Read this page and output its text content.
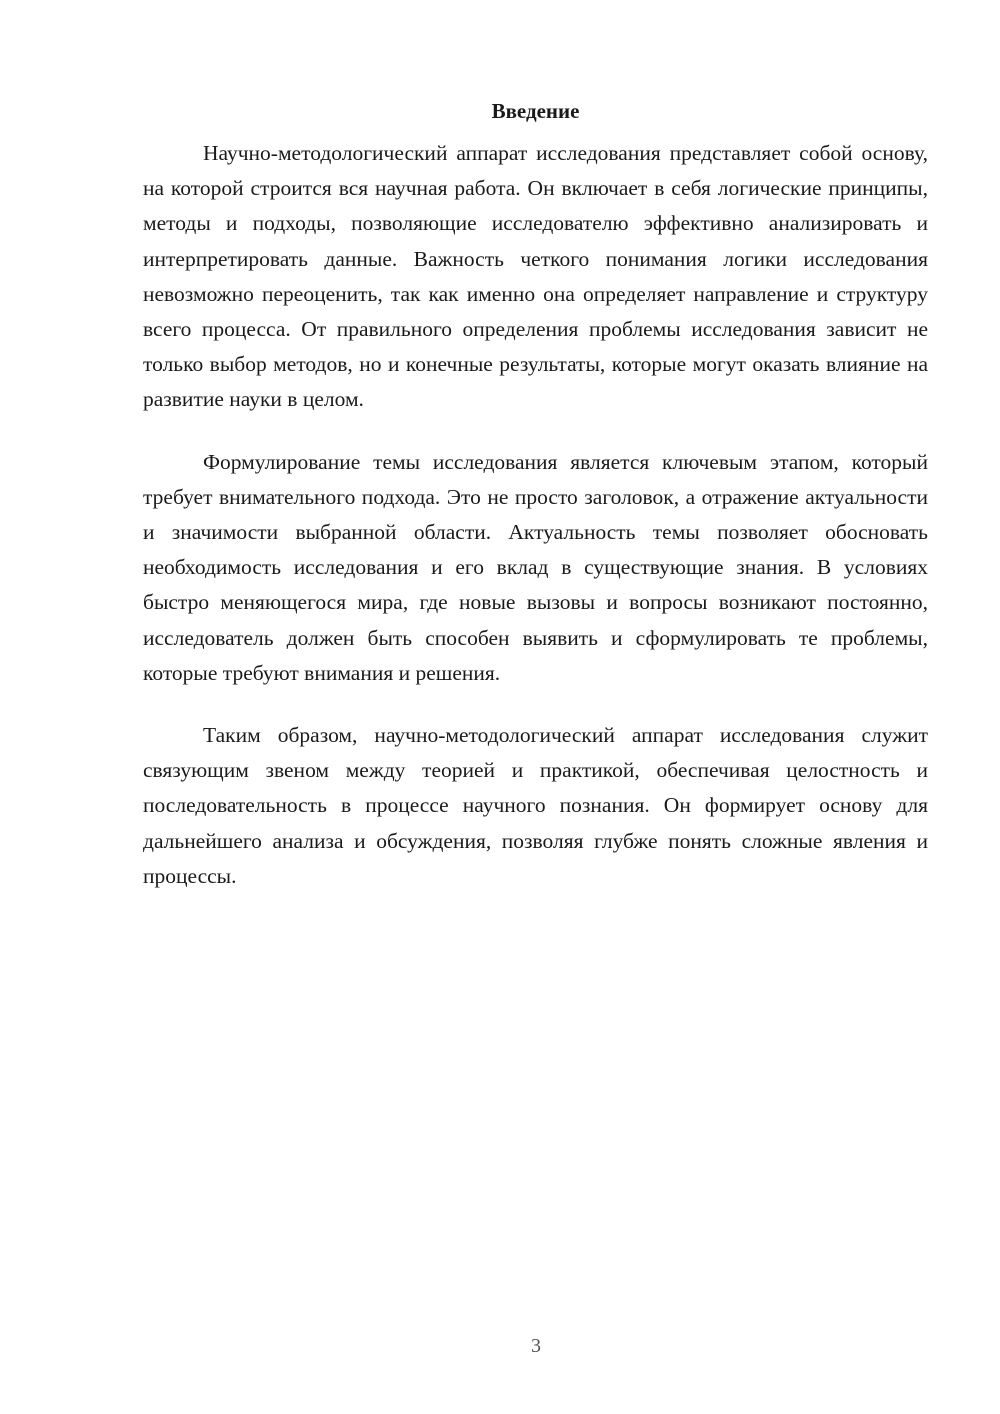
Введение

Научно-методологический аппарат исследования представляет собой основу, на которой строится вся научная работа. Он включает в себя логические принципы, методы и подходы, позволяющие исследователю эффективно анализировать и интерпретировать данные. Важность четкого понимания логики исследования невозможно переоценить, так как именно она определяет направление и структуру всего процесса. От правильного определения проблемы исследования зависит не только выбор методов, но и конечные результаты, которые могут оказать влияние на развитие науки в целом.

Формулирование темы исследования является ключевым этапом, который требует внимательного подхода. Это не просто заголовок, а отражение актуальности и значимости выбранной области. Актуальность темы позволяет обосновать необходимость исследования и его вклад в существующие знания. В условиях быстро меняющегося мира, где новые вызовы и вопросы возникают постоянно, исследователь должен быть способен выявить и сформулировать те проблемы, которые требуют внимания и решения.

Таким образом, научно-методологический аппарат исследования служит связующим звеном между теорией и практикой, обеспечивая целостность и последовательность в процессе научного познания. Он формирует основу для дальнейшего анализа и обсуждения, позволяя глубже понять сложные явления и процессы.

3
